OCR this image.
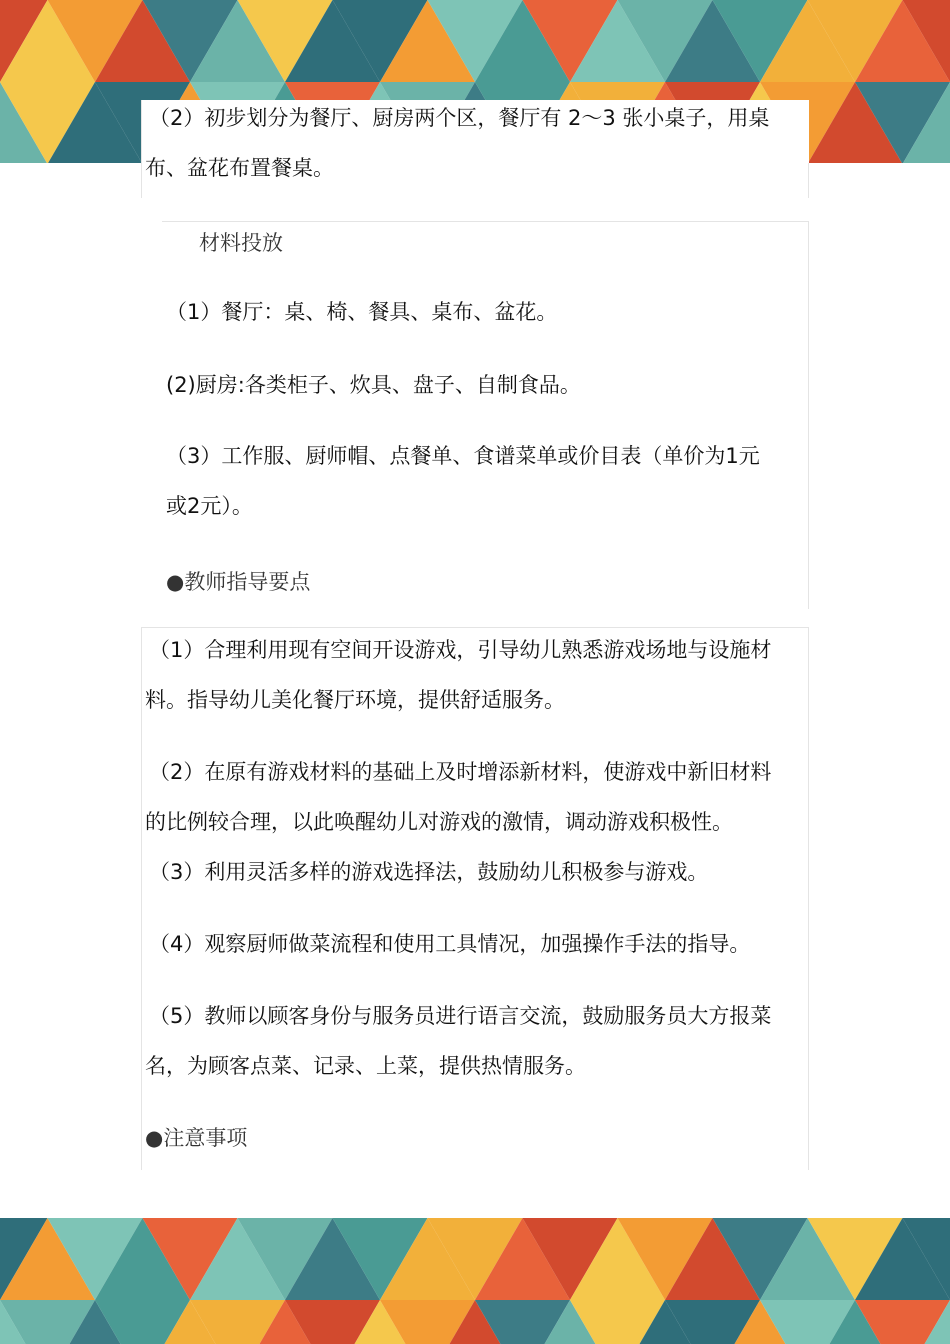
（2）初步划分为餐厅、厨房两个区，餐厅有 2～3 张小桌子，用桌
布、盆花布置餐桌。
材料投放
（1）餐厅：桌、椅、餐具、桌布、盆花。
(2)厨房:各类柜子、炊具、盘子、自制食品。
（3）工作服、厨师帽、点餐单、食谱菜单或价目表（单价为1元
或2元）。
●教师指导要点
（1）合理利用现有空间开设游戏，引导幼儿熟悉游戏场地与设施材
料。指导幼儿美化餐厅环境，提供舒适服务。
（2）在原有游戏材料的基础上及时增添新材料，使游戏中新旧材料
的比例较合理，以此唤醒幼儿对游戏的激情，调动游戏积极性。
（3）利用灵活多样的游戏选择法，鼓励幼儿积极参与游戏。
（4）观察厨师做菜流程和使用工具情况，加强操作手法的指导。
（5）教师以顾客身份与服务员进行语言交流，鼓励服务员大方报菜
名，为顾客点菜、记录、上菜，提供热情服务。
●注意事项
